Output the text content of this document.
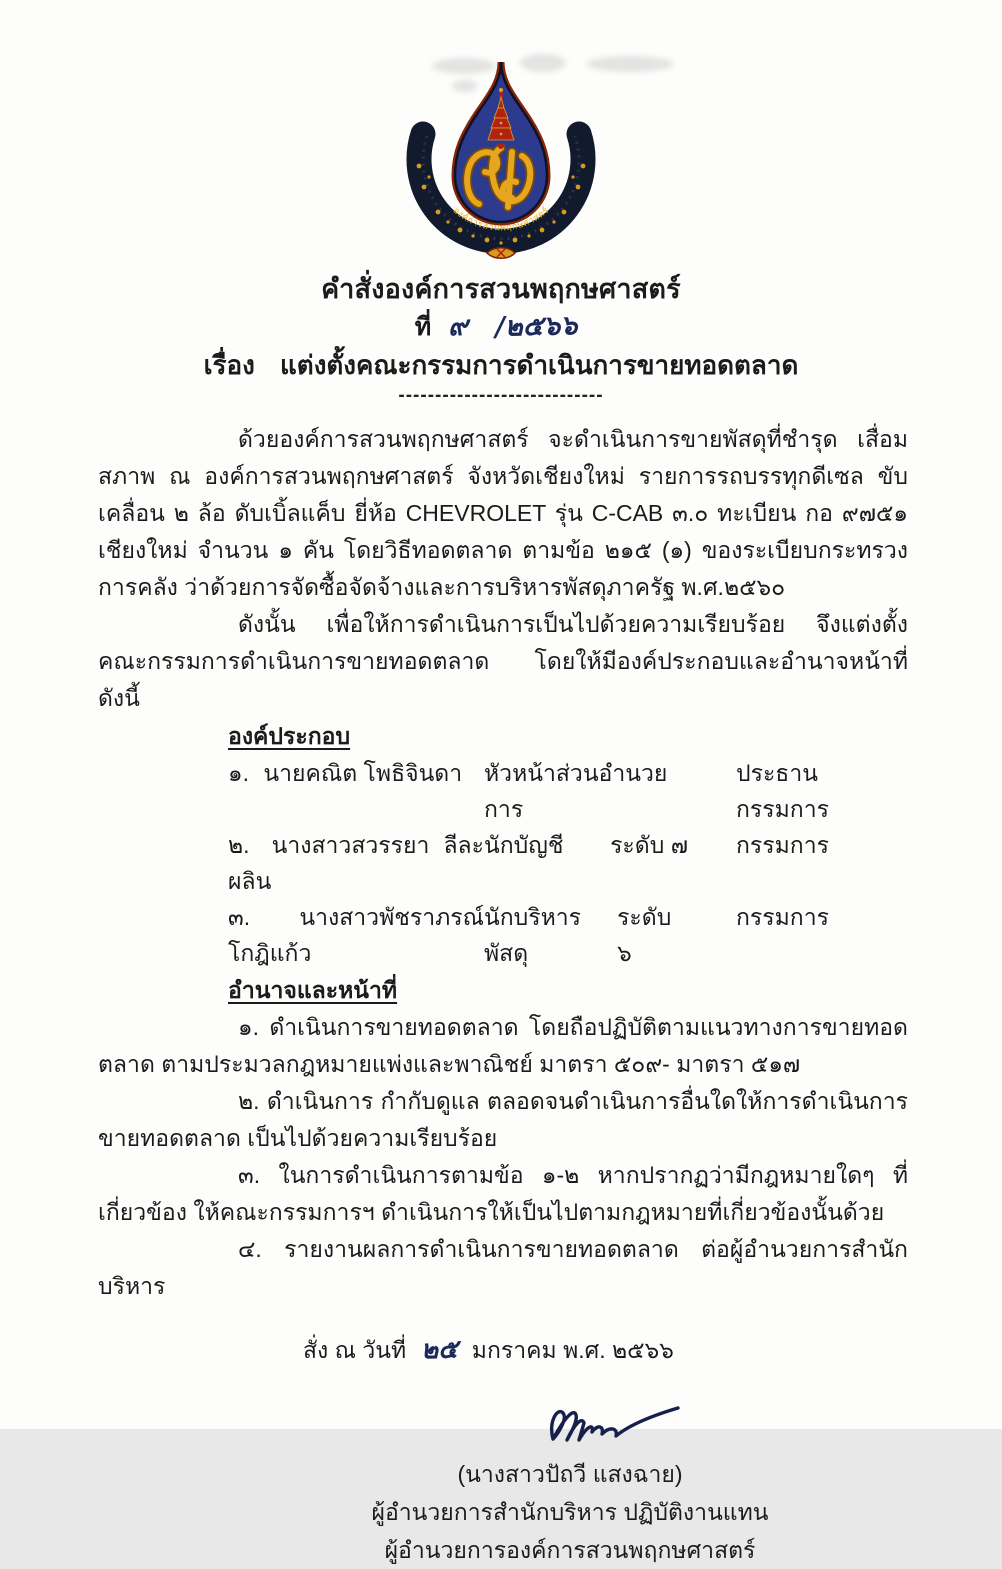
องค์การสวนพฤกษศาสตร์
คำสั่งองค์การสวนพฤกษศาสตร์
ที่ ๙ /๒๕๖๖
เรื่อง แต่งตั้งคณะกรรมการดำเนินการขายทอดตลาด
----------------------------

ด้วยองค์การสวนพฤกษศาสตร์ จะดำเนินการขายพัสดุที่ชำรุด เสื่อมสภาพ ณ องค์การสวนพฤกษศาสตร์ จังหวัดเชียงใหม่ รายการรถบรรทุกดีเซล ขับเคลื่อน ๒ ล้อ ดับเบิ้ลแค็บ ยี่ห้อ CHEVROLET รุ่น C-CAB ๓.๐ ทะเบียน กอ ๙๗๕๑ เชียงใหม่ จำนวน ๑ คัน โดยวิธีทอดตลาด ตามข้อ ๒๑๕ (๑) ของระเบียบกระทรวงการคลัง ว่าด้วยการจัดซื้อจัดจ้างและการบริหารพัสดุภาครัฐ พ.ศ.๒๕๖๐

ดังนั้น เพื่อให้การดำเนินการเป็นไปด้วยความเรียบร้อย จึงแต่งตั้งคณะกรรมการดำเนินการขายทอดตลาด โดยให้มีองค์ประกอบและอำนาจหน้าที่ ดังนี้

องค์ประกอบ
๑. นายคณิต โพธิจินดา หัวหน้าส่วนอำนวยการ
ประธานกรรมการ
๒. นางสาวสวรรยา ลีละผลิน
นักบัญชี ระดับ ๗ กรรมการ
๓. นางสาวพัชราภรณ์ โกฎิแก้ว
นักบริหารพัสดุ
ระดับ ๖
กรรมการ
อำนาจและหน้าที่

๑. ดำเนินการขายทอดตลาด โดยถือปฏิบัติตามแนวทางการขายทอดตลาด ตามประมวลกฎหมายแพ่งและพาณิชย์ มาตรา ๕๐๙- มาตรา ๕๑๗

๒. ดำเนินการ กำกับดูแล ตลอดจนดำเนินการอื่นใดให้การดำเนินการขายทอดตลาด เป็นไปด้วยความเรียบร้อย

๓. ในการดำเนินการตามข้อ ๑-๒ หากปรากฏว่ามีกฎหมายใดๆ ที่เกี่ยวข้อง ให้คณะกรรมการฯ ดำเนินการให้เป็นไปตามกฎหมายที่เกี่ยวข้องนั้นด้วย

๔. รายงานผลการดำเนินการขายทอดตลาด ต่อผู้อำนวยการสำนักบริหาร

สั่ง ณ วันที่ ๒๕ มกราคม พ.ศ. ๒๕๖๖
(นางสาวปัถวี แสงฉาย)
ผู้อำนวยการสำนักบริหาร ปฏิบัติงานแทน
ผู้อำนวยการองค์การสวนพฤกษศาสตร์
